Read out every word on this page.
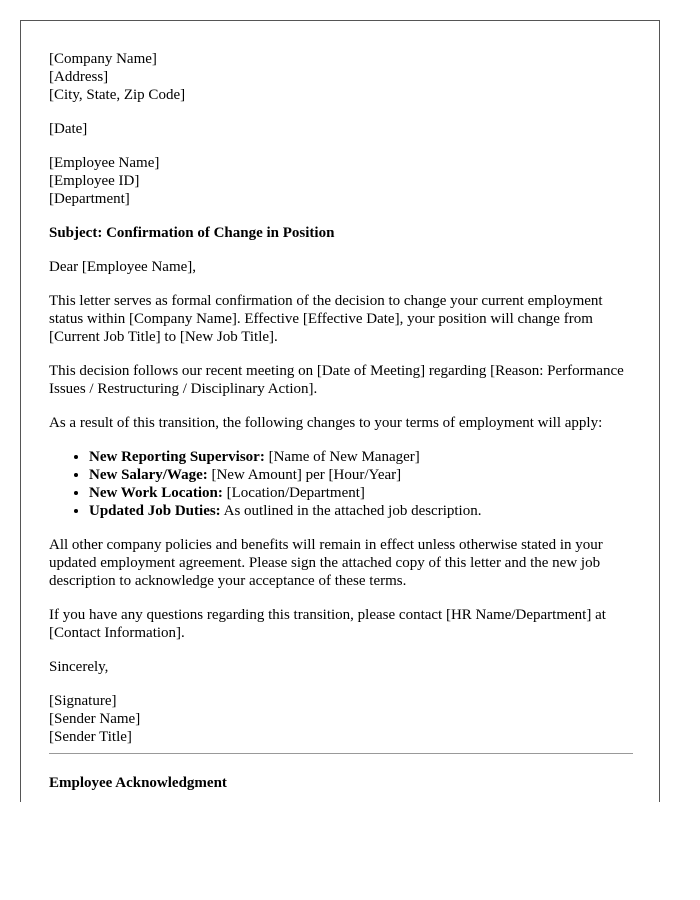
[Company Name]
[Address]
[City, State, Zip Code]

[Date]

[Employee Name]
[Employee ID]
[Department]

Subject: Confirmation of Change in Position

Dear [Employee Name],

This letter serves as formal confirmation of the decision to change your current employment status within [Company Name]. Effective [Effective Date], your position will change from [Current Job Title] to [New Job Title].

This decision follows our recent meeting on [Date of Meeting] regarding [Reason: Performance Issues / Restructuring / Disciplinary Action].

As a result of this transition, the following changes to your terms of employment will apply:

• New Reporting Supervisor: [Name of New Manager]
• New Salary/Wage: [New Amount] per [Hour/Year]
• New Work Location: [Location/Department]
• Updated Job Duties: As outlined in the attached job description.

All other company policies and benefits will remain in effect unless otherwise stated in your updated employment agreement. Please sign the attached copy of this letter and the new job description to acknowledge your acceptance of these terms.

If you have any questions regarding this transition, please contact [HR Name/Department] at [Contact Information].

Sincerely,

[Signature]
[Sender Name]
[Sender Title]
Employee Acknowledgment
